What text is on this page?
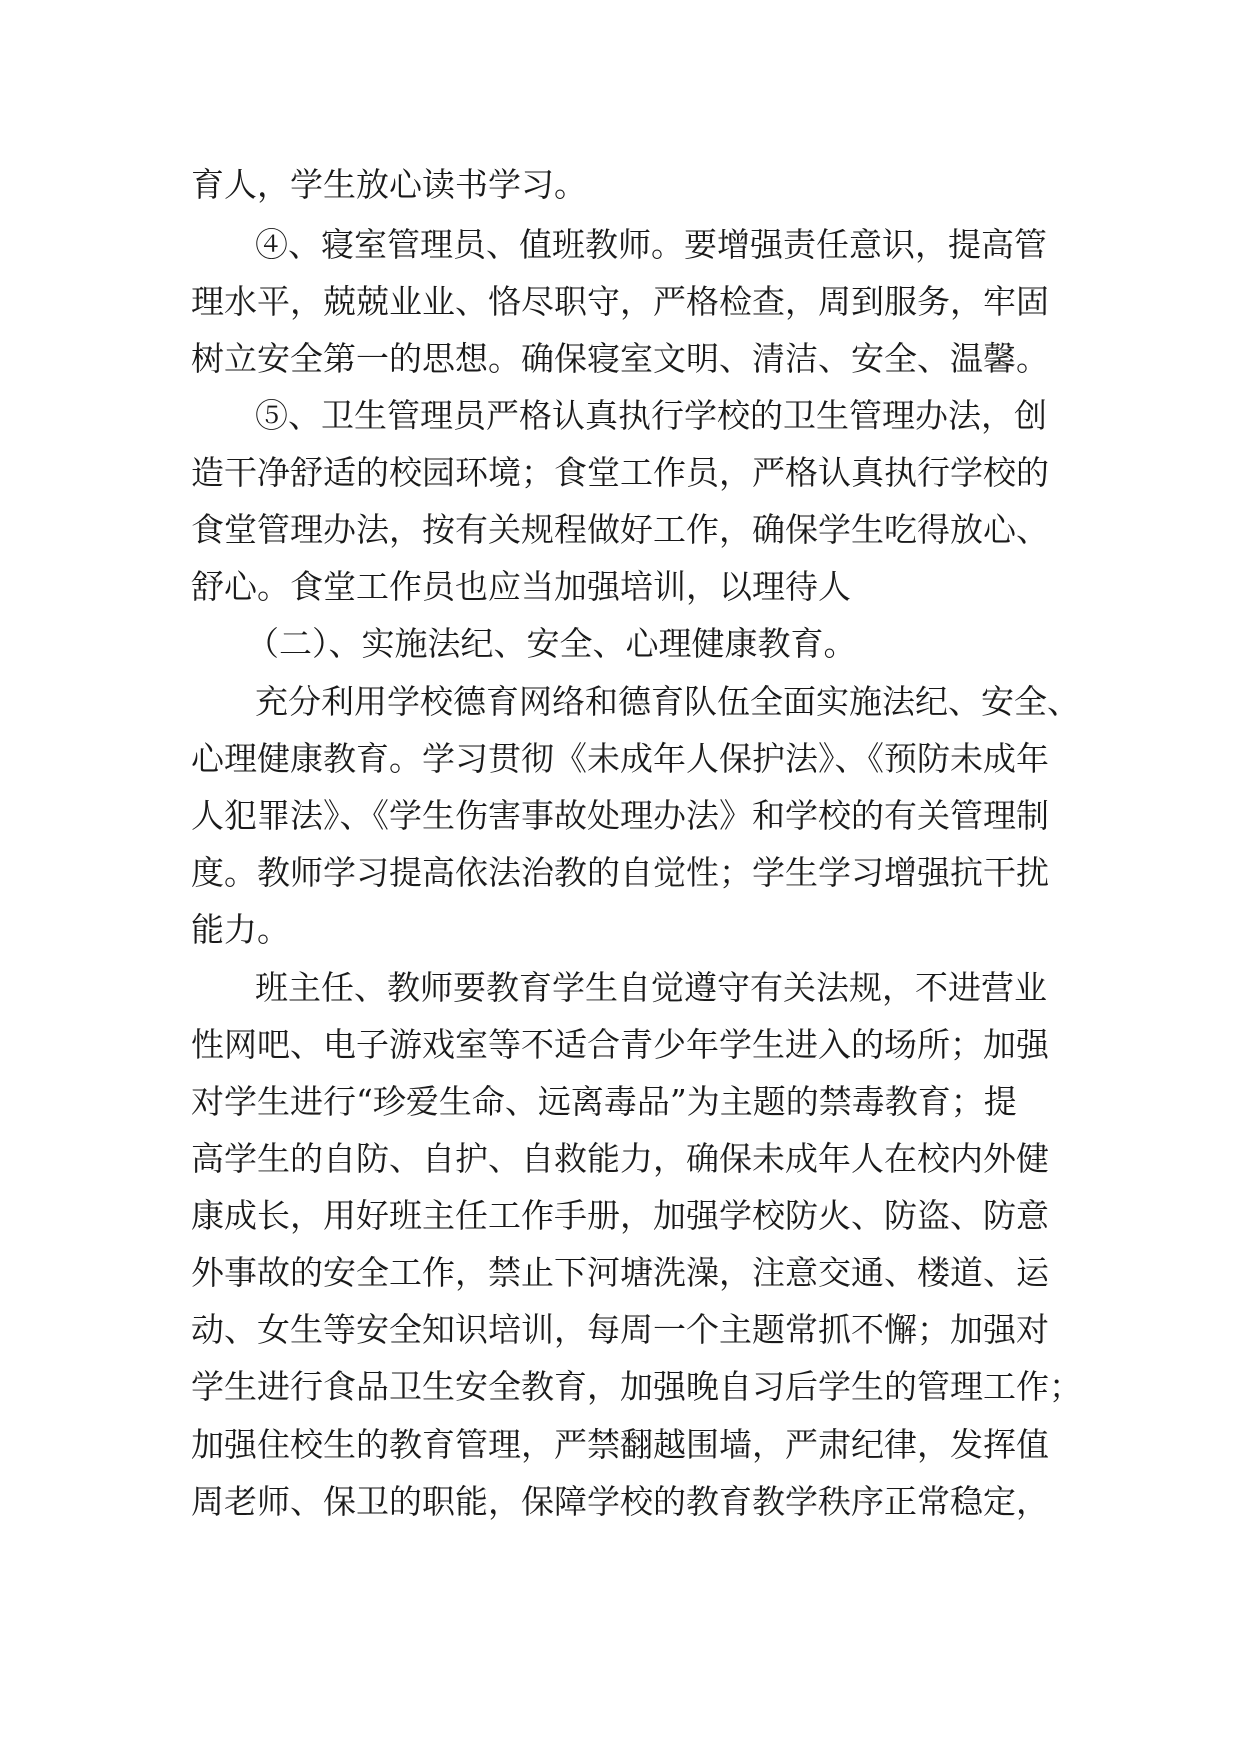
育人，学生放心读书学习。
④、寝室管理员、值班教师。要增强责任意识，提高管
理水平，兢兢业业、恪尽职守，严格检查，周到服务，牢固
树立安全第一的思想。确保寝室文明、清洁、安全、温馨。
⑤、卫生管理员严格认真执行学校的卫生管理办法，创
造干净舒适的校园环境；食堂工作员，严格认真执行学校的
食堂管理办法，按有关规程做好工作，确保学生吃得放心、
舒心。食堂工作员也应当加强培训，以理待人
（二）、实施法纪、安全、心理健康教育。
充分利用学校德育网络和德育队伍全面实施法纪、安全、
心理健康教育。学习贯彻《未成年人保护法》、《预防未成年
人犯罪法》、《学生伤害事故处理办法》和学校的有关管理制
度。教师学习提高依法治教的自觉性；学生学习增强抗干扰
能力。
班主任、教师要教育学生自觉遵守有关法规，不进营业
性网吧、电子游戏室等不适合青少年学生进入的场所；加强
对学生进行“珍爱生命、远离毒品”为主题的禁毒教育；提
高学生的自防、自护、自救能力，确保未成年人在校内外健
康成长，用好班主任工作手册，加强学校防火、防盗、防意
外事故的安全工作，禁止下河塘洗澡，注意交通、楼道、运
动、女生等安全知识培训，每周一个主题常抓不懈；加强对
学生进行食品卫生安全教育，加强晚自习后学生的管理工作；
加强住校生的教育管理，严禁翻越围墙，严肃纪律，发挥值
周老师、保卫的职能，保障学校的教育教学秩序正常稳定，
